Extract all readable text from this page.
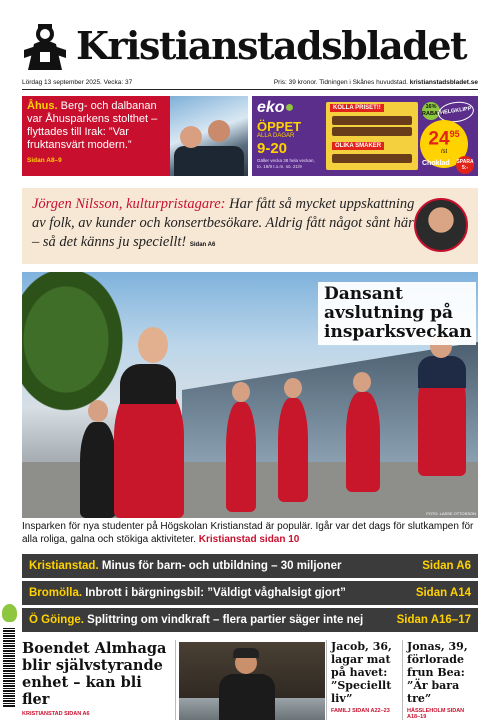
Kristianstadsbladet
Lördag 13 september 2025. Vecka: 37	Pris: 39 kronor. Tidningen i Skånes huvudstad. kristianstadsbladet.se
Åhus. Berg- och dalbanan var Åhusparkens stolthet – flyttades till Irak: ”Var fruktansvärt modern.”
Sidan A8–9
eko●
ÖPPET
ALLA DAGAR
9-20
Gäller vecka 38 hela veckan, to. 18/9 t.o.m. sö. 21/9
KOLLA PRISET!!
OLIKA SMAKER
16% RABATT
HELGKLIPP
$24^{95}$
/st
Choklad SPARA 5:-
Jörgen Nilsson, kulturpristagare: Har fått så mycket uppskattning av folk, av kunder och konsertbesökare. Aldrig fått något sånt här – så det känns ju speciellt! Sidan A6
Dansant avslutning på insparksveckan
FOTO: LASSE OTTOSSON
Insparken för nya studenter på Högskolan Kristianstad är populär. Igår var det dags för slutkampen för alla roliga, galna och stökiga aktiviteter. Kristianstad sidan 10
Kristianstad. Minus för barn- och utbildning – 30 miljoner	Sidan A6
Bromölla. Inbrott i bärgningsbil: ”Väldigt våghalsigt gjort”	Sidan A14
Ö Göinge. Splittring om vindkraft – flera partier säger inte nej	Sidan A16–17
Boendet Almhaga blir självstyrande enhet – kan bli fler
KRISTIANSTAD SIDAN A6
Jacob, 36, lagar mat på havet: ”Speciellt liv”
FAMILJ SIDAN A22–23
Jonas, 39, förlorade frun Bea: ”Är bara tre”
HÄSSLEHOLM SIDAN A18–19
